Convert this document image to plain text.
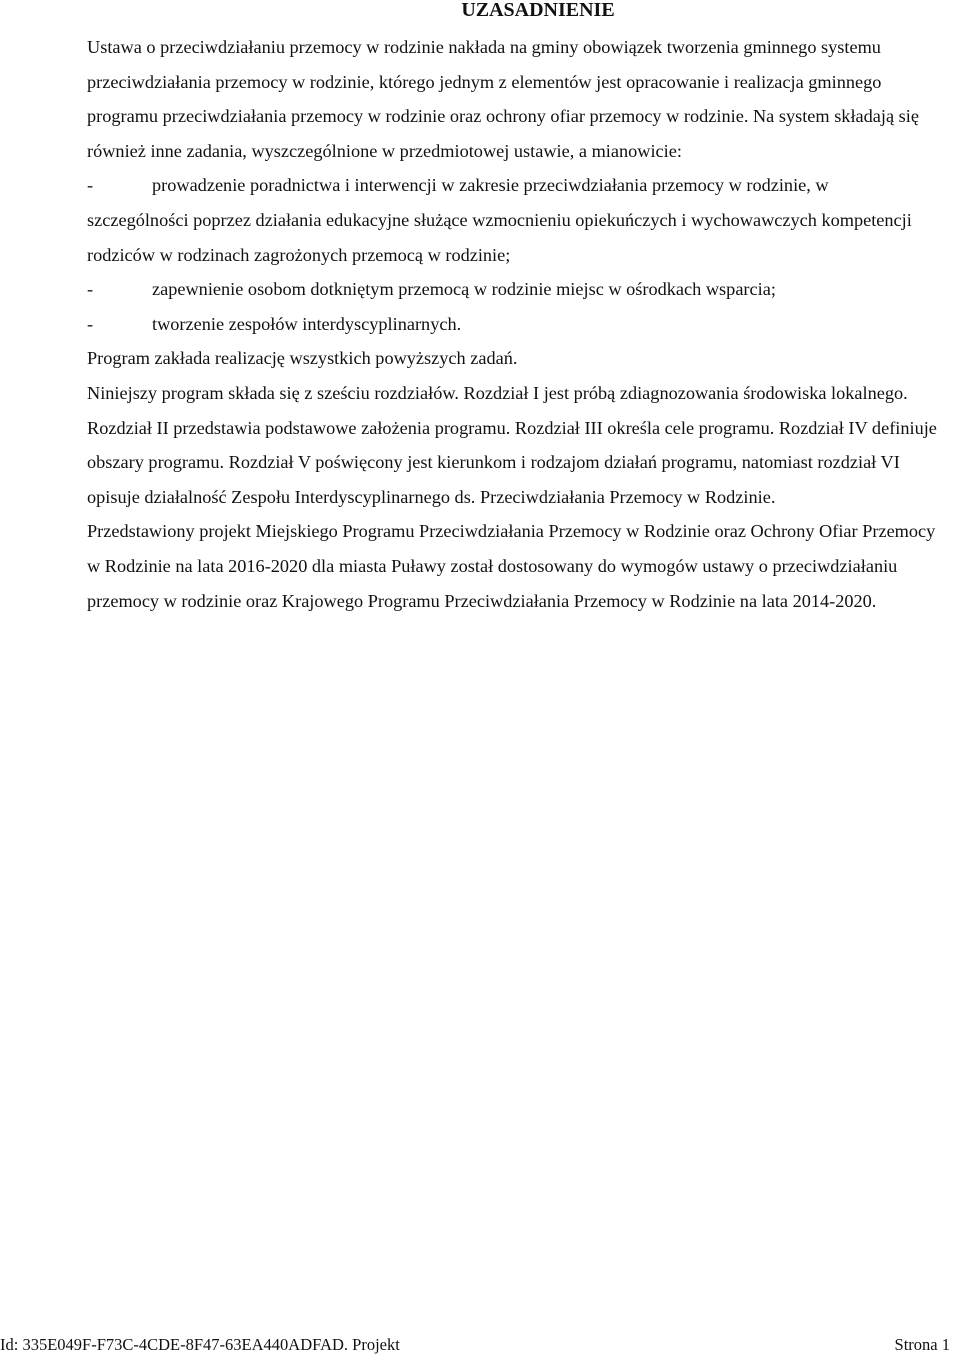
UZASADNIENIE

Ustawa o przeciwdziałaniu przemocy w rodzinie nakłada na gminy obowiązek tworzenia gminnego systemu przeciwdziałania przemocy w rodzinie, którego jednym z elementów jest opracowanie i realizacja gminnego programu przeciwdziałania przemocy w rodzinie oraz ochrony ofiar przemocy w rodzinie. Na system składają się również inne zadania, wyszczególnione w przedmiotowej ustawie, a mianowicie:

-	prowadzenie poradnictwa i interwencji w zakresie przeciwdziałania przemocy w rodzinie, w

szczególności poprzez działania edukacyjne służące wzmocnieniu opiekuńczych i wychowawczych kompetencji rodziców w rodzinach zagrożonych przemocą w rodzinie;

-	zapewnienie osobom dotkniętym przemocą w rodzinie miejsc w ośrodkach wsparcia;
-	tworzenie zespołów interdyscyplinarnych.

Program zakłada realizację wszystkich powyższych zadań.

Niniejszy program składa się z sześciu rozdziałów. Rozdział I jest próbą zdiagnozowania środowiska lokalnego. Rozdział II przedstawia podstawowe założenia programu. Rozdział III określa cele programu. Rozdział IV definiuje obszary programu. Rozdział V poświęcony jest kierunkom i rodzajom działań programu, natomiast rozdział VI opisuje działalność Zespołu Interdyscyplinarnego ds. Przeciwdziałania Przemocy w Rodzinie.

Przedstawiony projekt Miejskiego Programu Przeciwdziałania Przemocy w Rodzinie oraz Ochrony Ofiar Przemocy w Rodzinie na lata 2016-2020 dla miasta Puławy został dostosowany do wymogów ustawy o przeciwdziałaniu przemocy w rodzinie oraz Krajowego Programu Przeciwdziałania Przemocy w Rodzinie na lata 2014-2020.

Id: 335E049F-F73C-4CDE-8F47-63EA440ADFAD. Projekt	Strona 1
